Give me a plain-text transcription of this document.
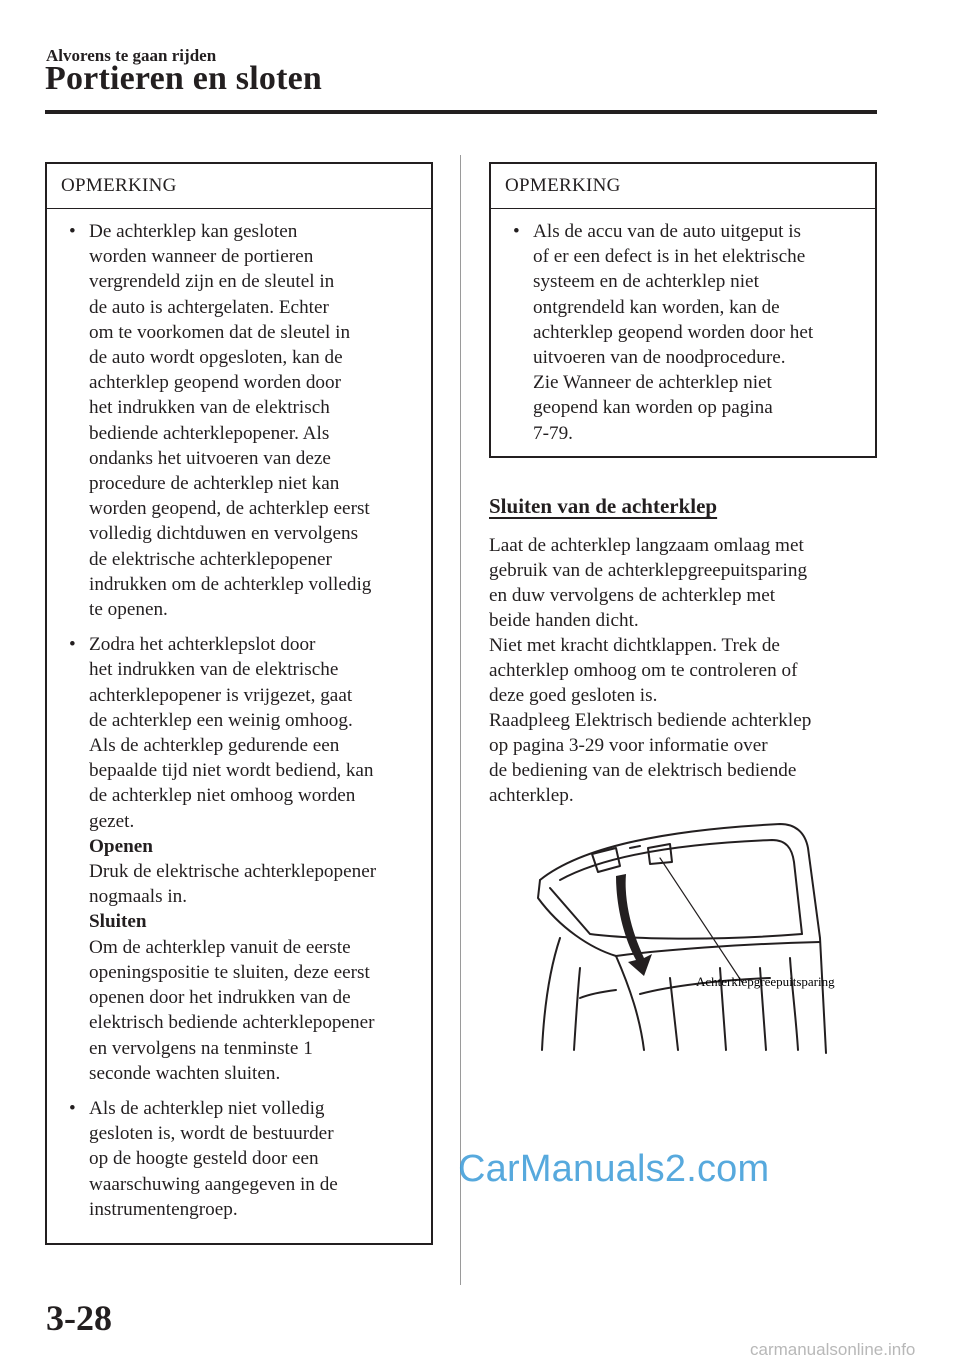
Alvorens te gaan rijden
Portieren en sloten
OPMERKING
• De achterklep kan gesloten

worden wanneer de portieren

vergrendeld zijn en de sleutel in

de auto is achtergelaten. Echter

om te voorkomen dat de sleutel in

de auto wordt opgesloten, kan de

achterklep geopend worden door

het indrukken van de elektrisch

bediende achterklepopener. Als

ondanks het uitvoeren van deze

procedure de achterklep niet kan

worden geopend, de achterklep eerst

volledig dichtduwen en vervolgens

de elektrische achterklepopener

indrukken om de achterklep volledig

te openen.

• Zodra het achterklepslot door

het indrukken van de elektrische

achterklepopener is vrijgezet, gaat

de achterklep een weinig omhoog.

Als de achterklep gedurende een

bepaalde tijd niet wordt bediend, kan

de achterklep niet omhoog worden

gezet.

Openen

Druk de elektrische achterklepopener

nogmaals in.

Sluiten

Om de achterklep vanuit de eerste

openingspositie te sluiten, deze eerst

openen door het indrukken van de

elektrisch bediende achterklepopener

en vervolgens na tenminste 1

seconde wachten sluiten.

• Als de achterklep niet volledig

gesloten is, wordt de bestuurder

op de hoogte gesteld door een

waarschuwing aangegeven in de

instrumentengroep.

OPMERKING
• Als de accu van de auto uitgeput is

of er een defect is in het elektrische

systeem en de achterklep niet

ontgrendeld kan worden, kan de

achterklep geopend worden door het

uitvoeren van de noodprocedure.

Zie Wanneer de achterklep niet

geopend kan worden op pagina

7-79.

Sluiten van de achterklep

Laat de achterklep langzaam omlaag met

gebruik van de achterklepgreepuitsparing

en duw vervolgens de achterklep met

beide handen dicht.

Niet met kracht dichtklappen. Trek de

achterklep omhoog om te controleren of

deze goed gesloten is.

Raadpleeg Elektrisch bediende achterklep

op pagina 3-29 voor informatie over

de bediening van de elektrisch bediende

achterklep.

Achterklepgreepuitsparing
CarManuals2.com
3-28
carmanualsonline.info
